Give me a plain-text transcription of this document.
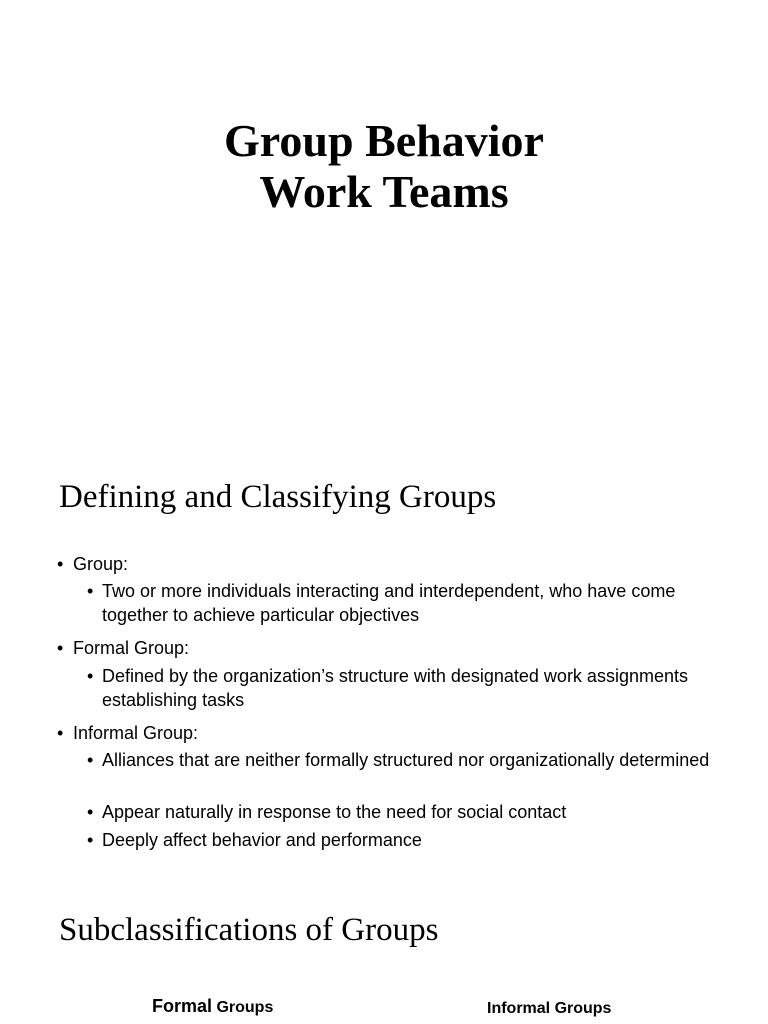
Group Behavior
Work Teams
Defining and Classifying Groups
• Group:
• Two or more individuals interacting and interdependent, who have come together to achieve particular objectives
• Formal Group:
• Defined by the organization’s structure with designated work assignments establishing tasks
• Informal Group:
• Alliances that are neither formally structured nor organizationally determined
• Appear naturally in response to the need for social contact
• Deeply affect behavior and performance
Subclassifications of Groups
Formal Groups	Informal Groups
